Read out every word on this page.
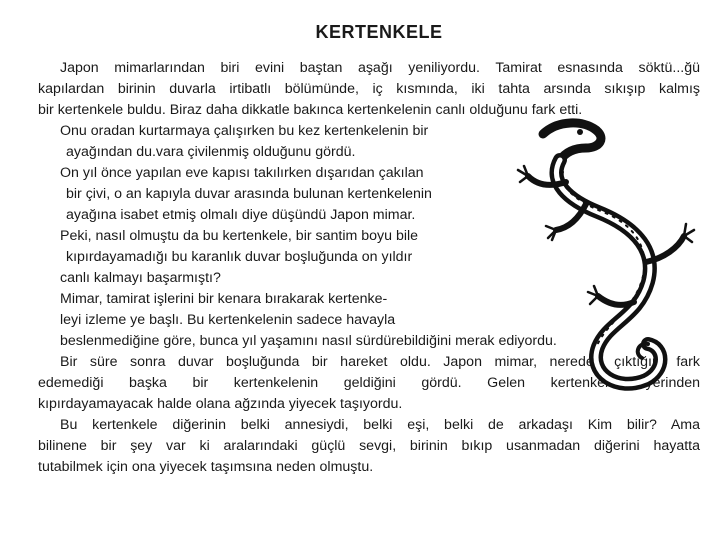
KERTENKELE
Japon mimarlarından biri evini baştan aşağı yeniliyordu. Tamirat esnasında söktü...ğü
kapılardan birinin duvarla irtibatlı bölümünde, iç kısmında, iki tahta arsında sıkışıp kalmış
bir kertenkele buldu. Biraz daha dikkatle bakınca kertenkelenin canlı olduğunu fark etti.
Onu oradan kurtarmaya çalışırken bu kez kertenkelenin bir
ayağından du.vara çivilenmiş olduğunu gördü.
On yıl önce yapılan eve kapısı takılırken dışarıdan çakılan
bir çivi, o an kapıyla duvar arasında bulunan kertenkelenin
ayağına isabet etmiş olmalı diye düşündü Japon mimar.
Peki, nasıl olmuştu da bu kertenkele, bir santim boyu bile
kıpırdayamadığı bu karanlık duvar boşluğunda on yıldır
canlı kalmayı başarmıştı?
Mimar, tamirat işlerini bir kenara bırakarak kertenke-
leyi izleme ye başlı. Bu kertenkelenin sadece havayla
beslenmediğine göre, bunca yıl yaşamını nasıl sürdürebildiğini merak ediyordu.
Bir süre sonra duvar boşluğunda bir hareket oldu. Japon mimar, nereden çıktığını fark
edemediği başka bir kertenkelenin geldiğini gördü. Gelen kertenkele, yerinden
kıpırdayamayacak halde olana ağzında yiyecek taşıyordu.
Bu kertenkele diğerinin belki annesiydi, belki eşi, belki de arkadaşı Kim bilir? Ama
bilinene bir şey var ki aralarındaki güçlü sevgi, birinin bıkıp usanmadan diğerini hayatta
tutabilmek için ona yiyecek taşımsına neden olmuştu.
